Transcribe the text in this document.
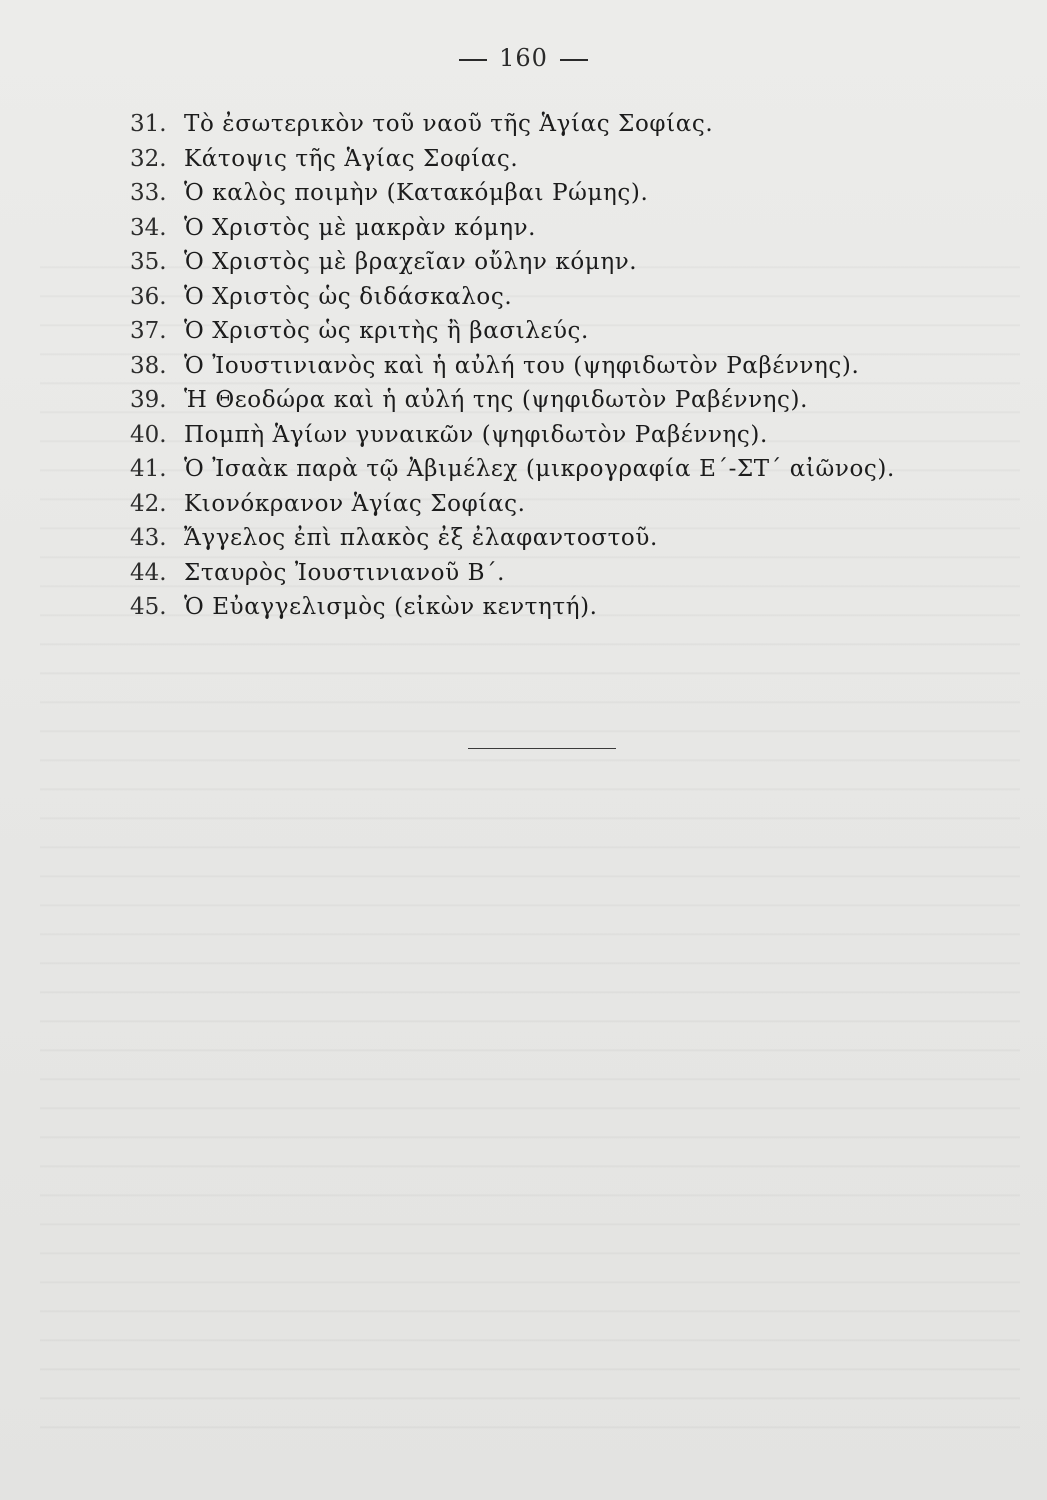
160
31. Τὸ ἐσωτερικὸν τοῦ ναοῦ τῆς Ἁγίας Σοφίας.
32. Κάτοψις τῆς Ἁγίας Σοφίας.
33. Ὁ καλὸς ποιμὴν (Κατακόμβαι Ρώμης).
34. Ὁ Χριστὸς μὲ μακρὰν κόμην.
35. Ὁ Χριστὸς μὲ βραχεῖαν οὔλην κόμην.
36. Ὁ Χριστὸς ὡς διδάσκαλος.
37. Ὁ Χριστὸς ὡς κριτὴς ἢ βασιλεύς.
38. Ὁ Ἰουστινιανὸς καὶ ἡ αὐλή του (ψηφιδωτὸν Ραβέννης).
39. Ἡ Θεοδώρα καὶ ἡ αὐλή της (ψηφιδωτὸν Ραβέννης).
40. Πομπὴ Ἁγίων γυναικῶν (ψηφιδωτὸν Ραβέννης).
41. Ὁ Ἰσαὰκ παρὰ τῷ Ἀβιμέλεχ (μικρογραφία Ε΄-ΣΤ΄ αἰῶνος).
42. Κιονόκρανον Ἁγίας Σοφίας.
43. Ἄγγελος ἐπὶ πλακὸς ἐξ ἐλαφαντοστοῦ.
44. Σταυρὸς Ἰουστινιανοῦ Β΄.
45. Ὁ Εὐαγγελισμὸς (εἰκὼν κεντητή).
